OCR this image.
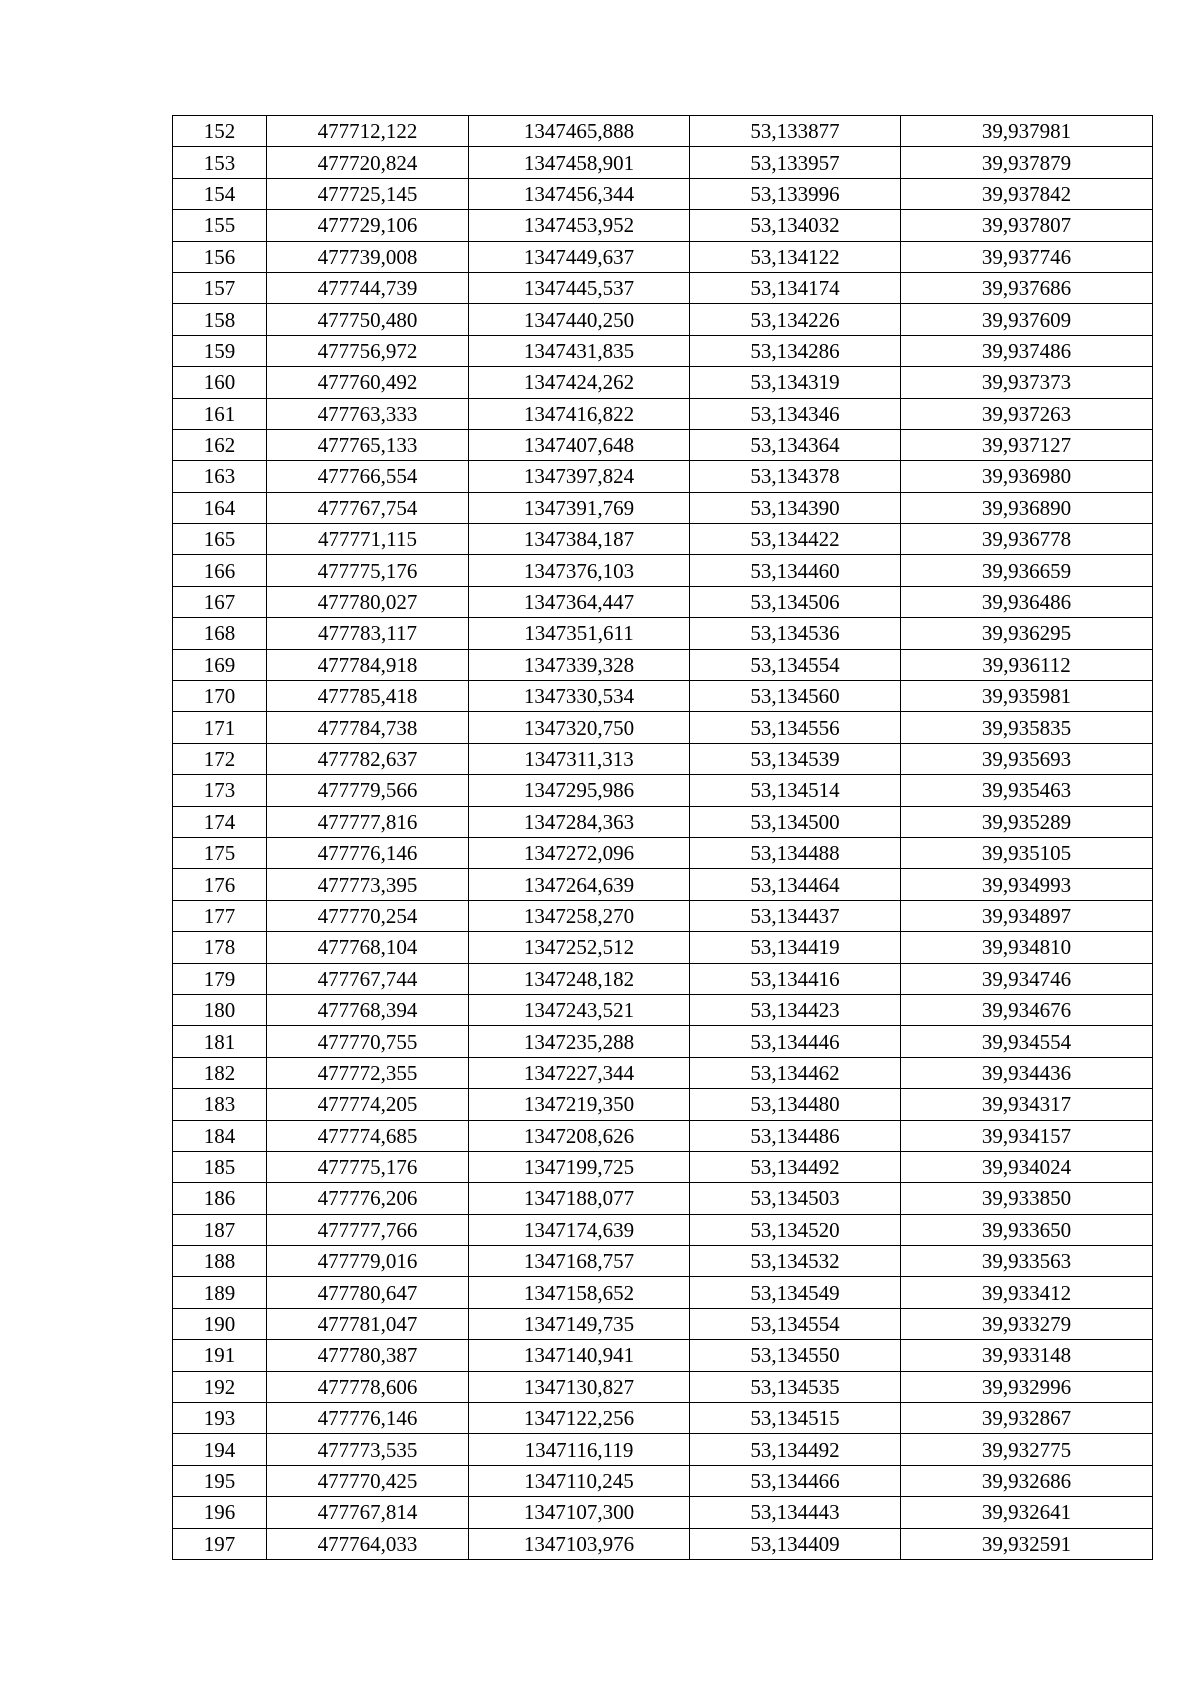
152	477712,122	1347465,888	53,133877	39,937981
153	477720,824	1347458,901	53,133957	39,937879
154	477725,145	1347456,344	53,133996	39,937842
155	477729,106	1347453,952	53,134032	39,937807
156	477739,008	1347449,637	53,134122	39,937746
157	477744,739	1347445,537	53,134174	39,937686
158	477750,480	1347440,250	53,134226	39,937609
159	477756,972	1347431,835	53,134286	39,937486
160	477760,492	1347424,262	53,134319	39,937373
161	477763,333	1347416,822	53,134346	39,937263
162	477765,133	1347407,648	53,134364	39,937127
163	477766,554	1347397,824	53,134378	39,936980
164	477767,754	1347391,769	53,134390	39,936890
165	477771,115	1347384,187	53,134422	39,936778
166	477775,176	1347376,103	53,134460	39,936659
167	477780,027	1347364,447	53,134506	39,936486
168	477783,117	1347351,611	53,134536	39,936295
169	477784,918	1347339,328	53,134554	39,936112
170	477785,418	1347330,534	53,134560	39,935981
171	477784,738	1347320,750	53,134556	39,935835
172	477782,637	1347311,313	53,134539	39,935693
173	477779,566	1347295,986	53,134514	39,935463
174	477777,816	1347284,363	53,134500	39,935289
175	477776,146	1347272,096	53,134488	39,935105
176	477773,395	1347264,639	53,134464	39,934993
177	477770,254	1347258,270	53,134437	39,934897
178	477768,104	1347252,512	53,134419	39,934810
179	477767,744	1347248,182	53,134416	39,934746
180	477768,394	1347243,521	53,134423	39,934676
181	477770,755	1347235,288	53,134446	39,934554
182	477772,355	1347227,344	53,134462	39,934436
183	477774,205	1347219,350	53,134480	39,934317
184	477774,685	1347208,626	53,134486	39,934157
185	477775,176	1347199,725	53,134492	39,934024
186	477776,206	1347188,077	53,134503	39,933850
187	477777,766	1347174,639	53,134520	39,933650
188	477779,016	1347168,757	53,134532	39,933563
189	477780,647	1347158,652	53,134549	39,933412
190	477781,047	1347149,735	53,134554	39,933279
191	477780,387	1347140,941	53,134550	39,933148
192	477778,606	1347130,827	53,134535	39,932996
193	477776,146	1347122,256	53,134515	39,932867
194	477773,535	1347116,119	53,134492	39,932775
195	477770,425	1347110,245	53,134466	39,932686
196	477767,814	1347107,300	53,134443	39,932641
197	477764,033	1347103,976	53,134409	39,932591
